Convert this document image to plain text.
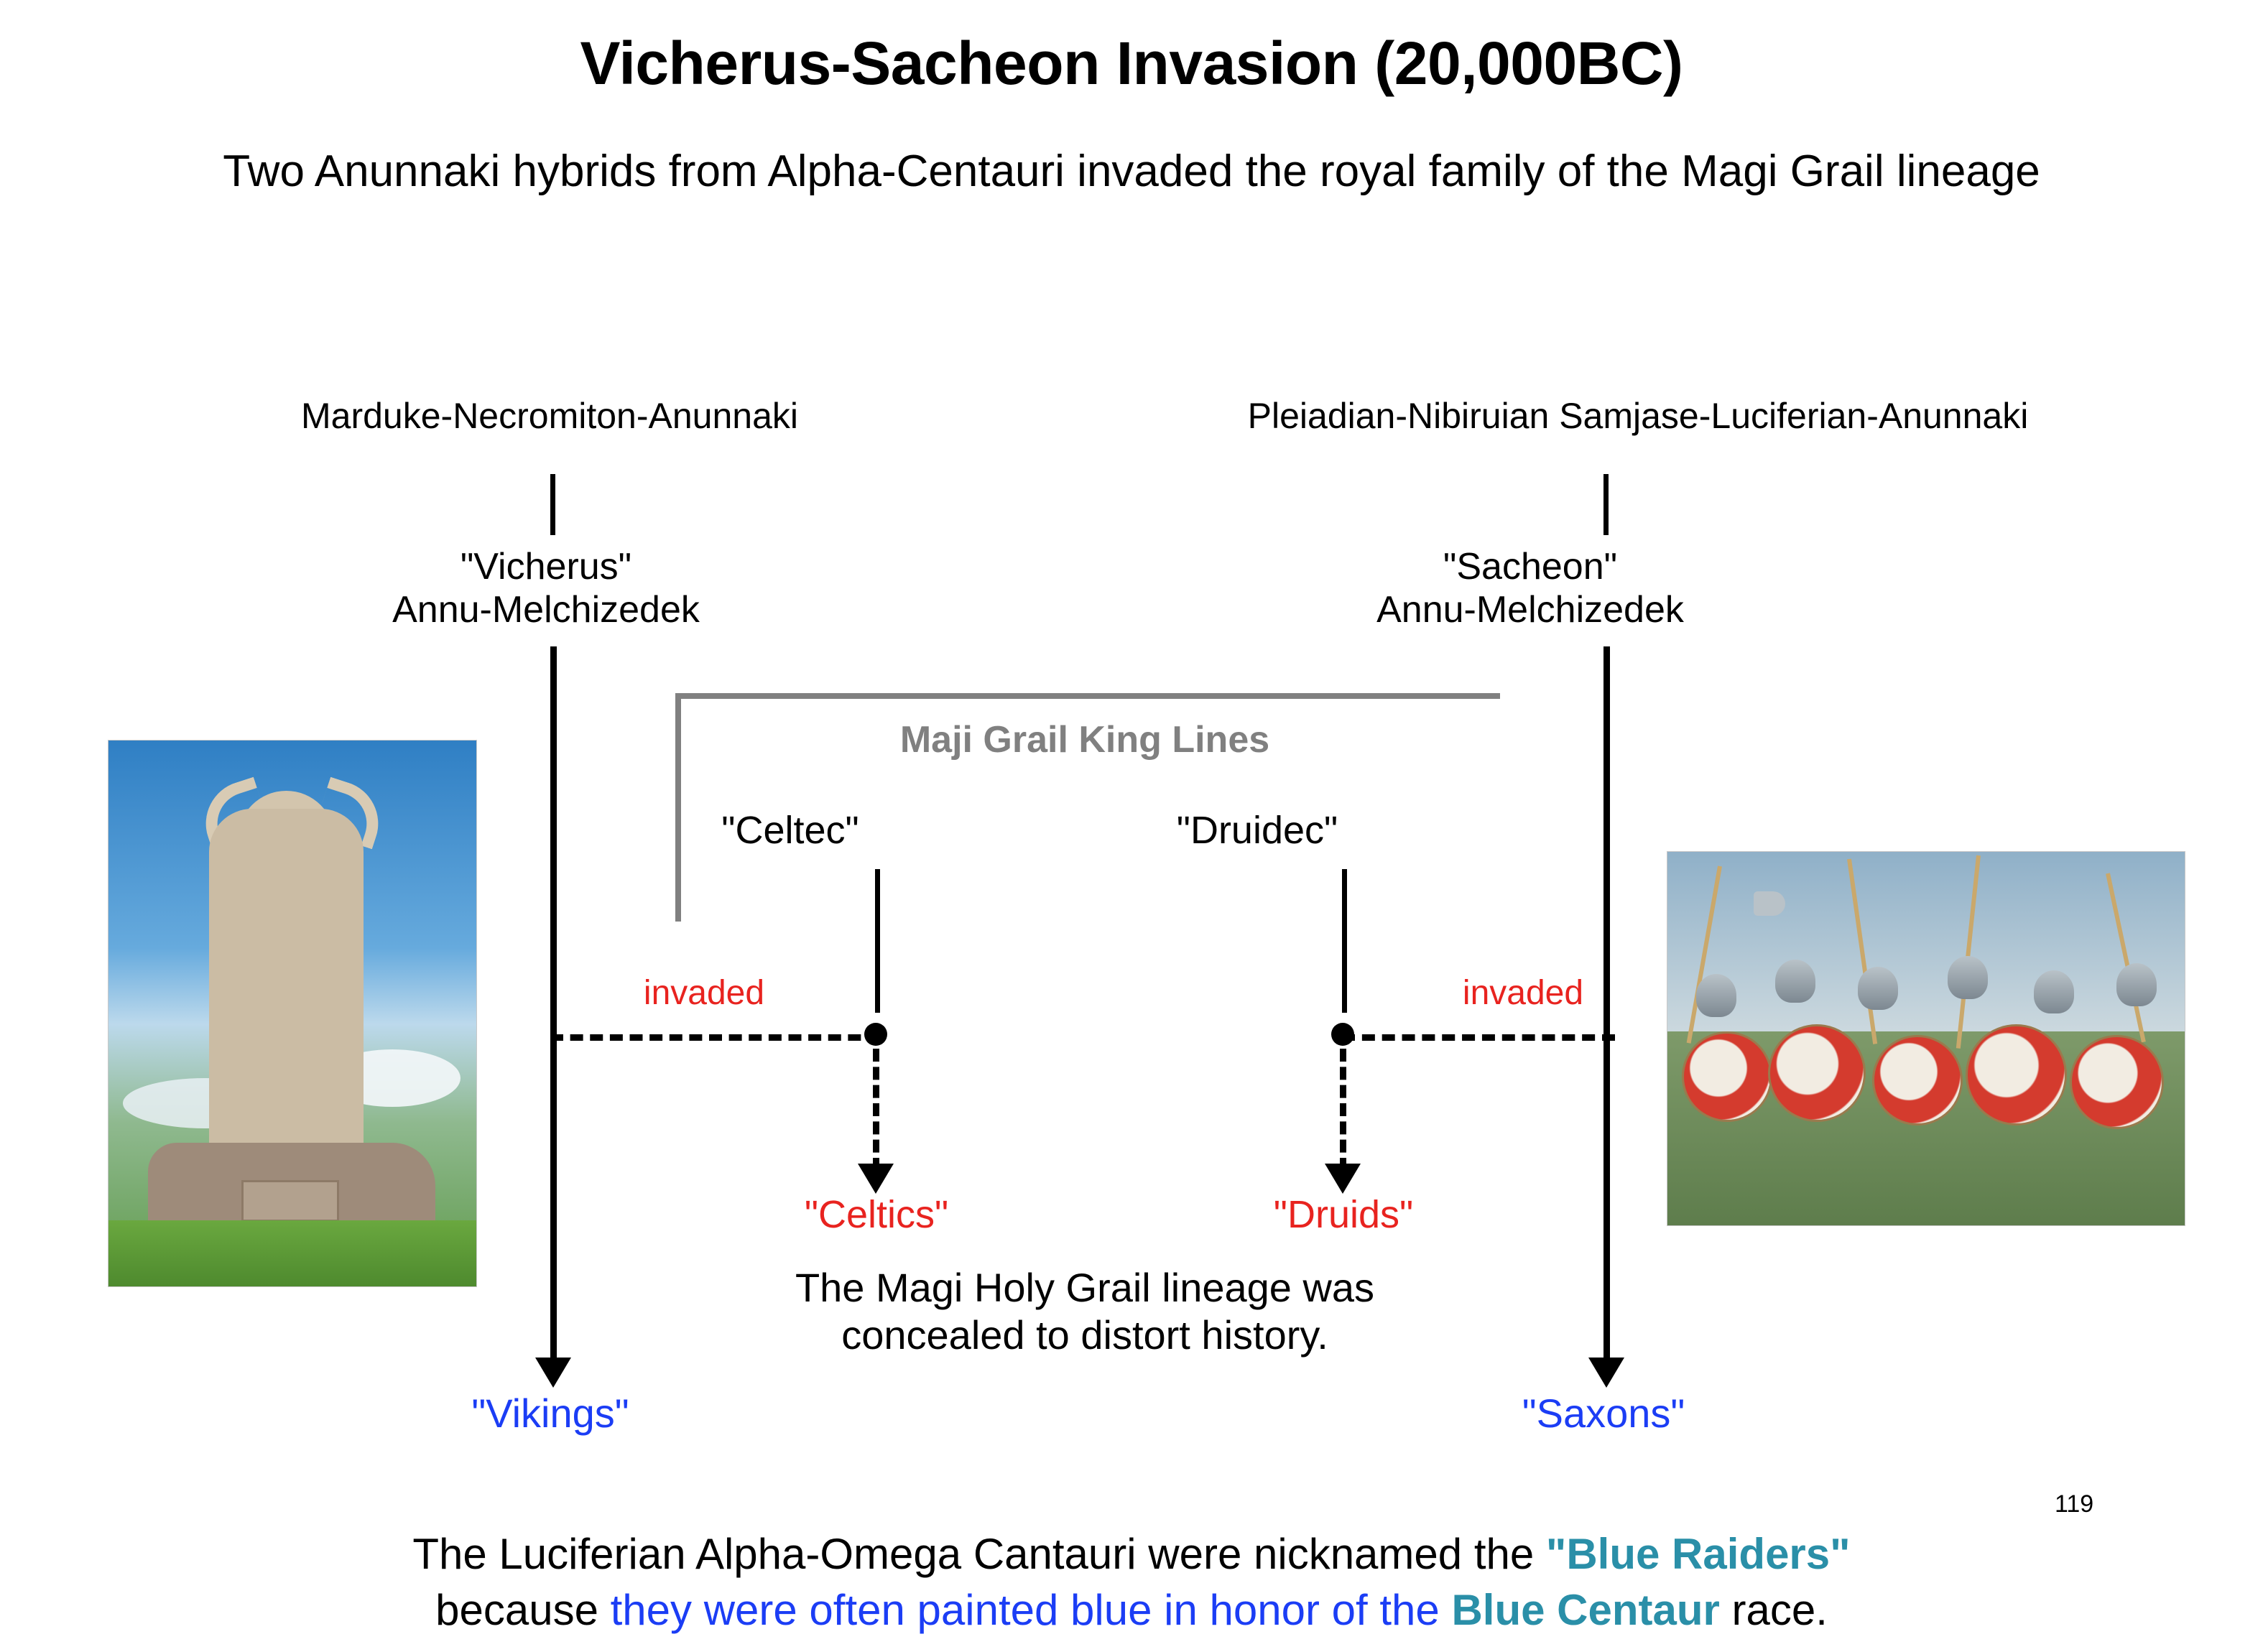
Vicherus-Sacheon Invasion (20,000BC)
Two Anunnaki hybrids from Alpha-Centauri invaded the royal family of the Magi Grail lineage
Marduke-Necromiton-Anunnaki	Pleiadian-Nibiruian Samjase-Luciferian-Anunnaki
"Vicherus"
Annu-Melchizedek
"Sacheon"
Annu-Melchizedek
Maji Grail King Lines
"Celtec"	"Druidec"
invaded	invaded
"Celtics"	"Druids"
The Magi Holy Grail lineage was concealed to distort history.
"Vikings"	"Saxons"
119
The Luciferian Alpha-Omega Cantauri were nicknamed the "Blue Raiders"
because they were often painted blue in honor of the Blue Centaur race.
